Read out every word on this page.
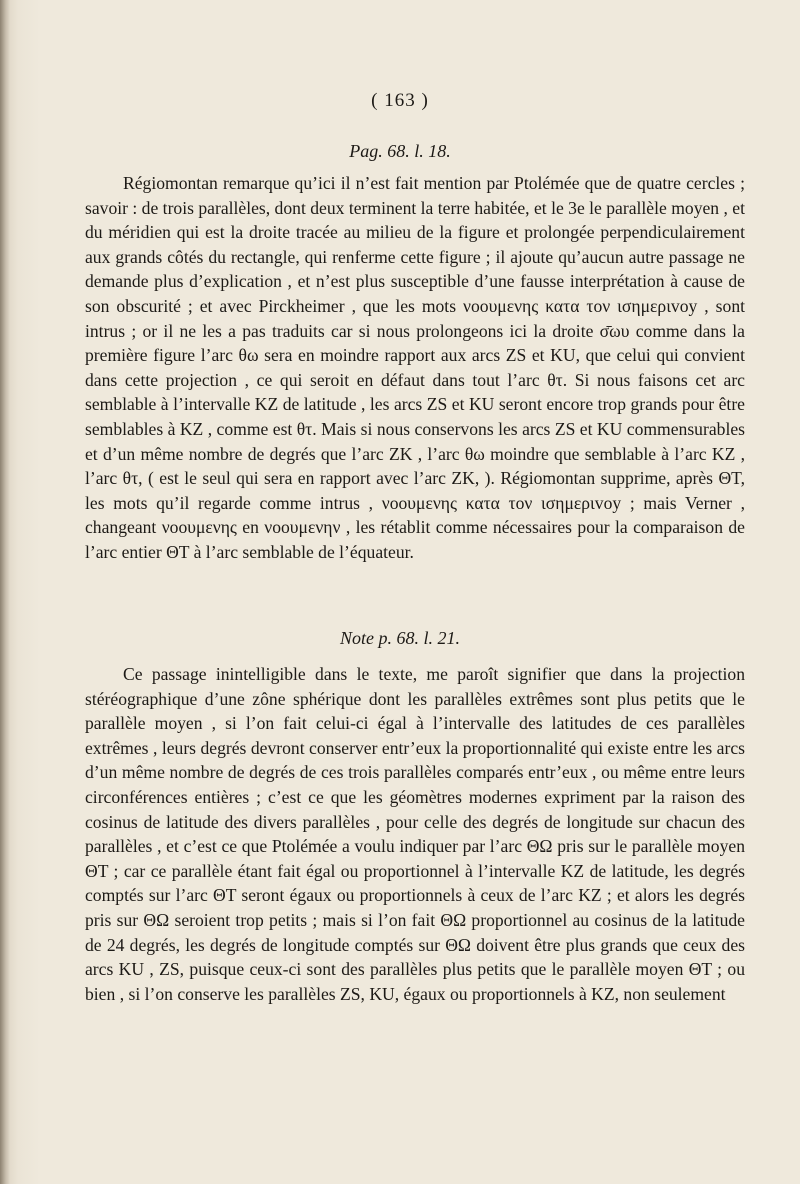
( 163 )
Pag. 68. l. 18.

Régiomontan remarque qu’ici il n’est fait mention par Ptolémée que de quatre cercles ; savoir : de trois parallèles, dont deux terminent la terre habitée, et le 3e le parallèle moyen , et du méridien qui est la droite tracée au milieu de la figure et prolongée perpendiculairement aux grands côtés du rectangle, qui renferme cette figure ; il ajoute qu’aucun autre passage ne demande plus d’explication , et n’est plus susceptible d’une fausse interprétation à cause de son obscurité ; et avec Pirckheimer , que les mots νοουμενης κατα τον ισημεριvοy , sont intrus ; or il ne les a pas traduits car si nous prolongeons ici la droite σ̄ωυ comme dans la première figure l’arc θω sera en moindre rapport aux arcs ZS et KU, que celui qui convient dans cette projection , ce qui seroit en défaut dans tout l’arc θτ. Si nous faisons cet arc semblable à l’intervalle KZ de latitude , les arcs ZS et KU seront encore trop grands pour être semblables à KZ , comme est θτ. Mais si nous conservons les arcs ZS et KU commensurables et d’un même nombre de degrés que l’arc ZK , l’arc θω moindre que semblable à l’arc KZ , l’arc θτ, ( est le seul qui sera en rapport avec l’arc ZK, ). Régiomontan supprime, après ΘT, les mots qu’il regarde comme intrus , νοουμενης κατα τον ισημεριvοy ; mais Verner , changeant νοουμενης en νοουμενην , les rétablit comme nécessaires pour la comparaison de l’arc entier ΘT à l’arc semblable de l’équateur.

Note p. 68. l. 21.

Ce passage inintelligible dans le texte, me paroît signifier que dans la projection stéréographique d’une zône sphérique dont les parallèles extrêmes sont plus petits que le parallèle moyen , si l’on fait celui-ci égal à l’intervalle des latitudes de ces parallèles extrêmes , leurs degrés devront conserver entr’eux la proportionnalité qui existe entre les arcs d’un même nombre de degrés de ces trois parallèles comparés entr’eux , ou même entre leurs circonférences entières ; c’est ce que les géomètres modernes expriment par la raison des cosinus de latitude des divers parallèles , pour celle des degrés de longitude sur chacun des parallèles , et c’est ce que Ptolémée a voulu indiquer par l’arc ΘΩ pris sur le parallèle moyen ΘT ; car ce parallèle étant fait égal ou proportionnel à l’intervalle KZ de latitude, les degrés comptés sur l’arc ΘT seront égaux ou proportionnels à ceux de l’arc KZ ; et alors les degrés pris sur ΘΩ seroient trop petits ; mais si l’on fait ΘΩ proportionnel au cosinus de la latitude de 24 degrés, les degrés de longitude comptés sur ΘΩ doivent être plus grands que ceux des arcs KU , ZS, puisque ceux-ci sont des parallèles plus petits que le parallèle moyen ΘT ; ou bien , si l’on conserve les parallèles ZS, KU, égaux ou proportionnels à KZ, non seulement
